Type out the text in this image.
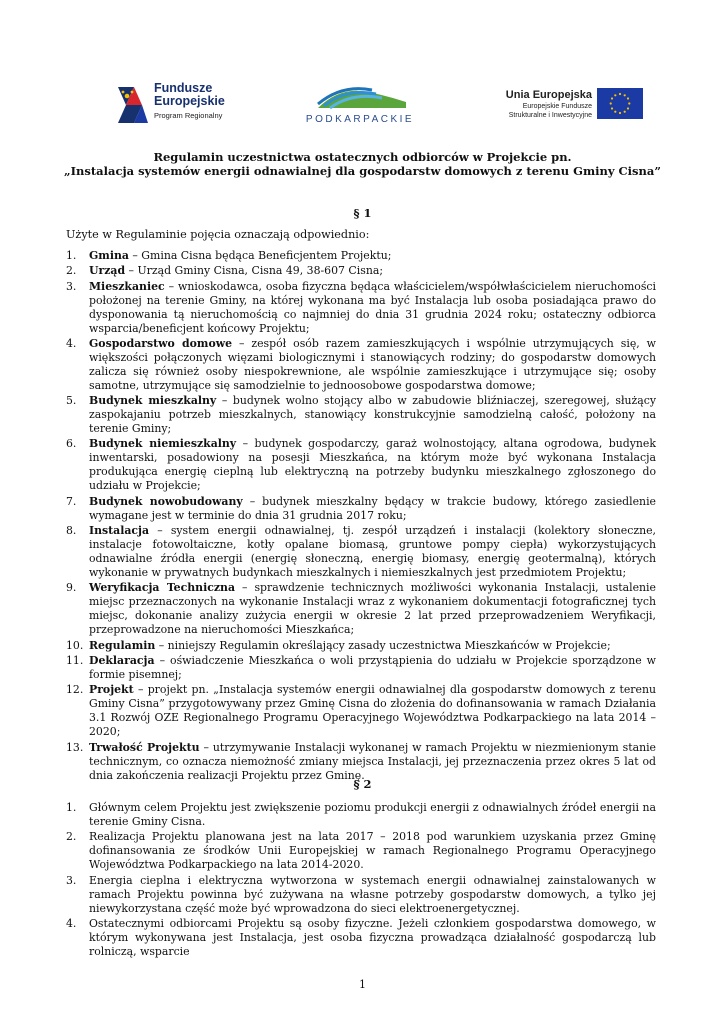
Fundusze
Europejskie
Program Regionalny	PODKARPACKIE
Unia Europejska
Europejskie Fundusze
Strukturalne i Inwestycyjne
Regulamin uczestnictwa ostatecznych odbiorców w Projekcie pn.
„Instalacja systemów energii odnawialnej dla gospodarstw domowych z terenu Gminy Cisna”
§ 1
Użyte w Regulaminie pojęcia oznaczają odpowiednio:
1. Gmina – Gmina Cisna będąca Beneficjentem Projektu;
2. Urząd – Urząd Gminy Cisna, Cisna 49, 38-607 Cisna;
3. Mieszkaniec – wnioskodawca, osoba fizyczna będąca właścicielem/współwłaścicielem nieruchomości położonej na terenie Gminy, na której wykonana ma być Instalacja lub osoba posiadająca prawo do dysponowania tą nieruchomością co najmniej do dnia 31 grudnia 2024 roku; ostateczny odbiorca wsparcia/beneficjent końcowy Projektu;
4. Gospodarstwo domowe – zespół osób razem zamieszkujących i wspólnie utrzymujących się, w większości połączonych więzami biologicznymi i stanowiących rodziny; do gospodarstw domowych zalicza się również osoby niespokrewnione, ale wspólnie zamieszkujące i utrzymujące się; osoby samotne, utrzymujące się samodzielnie to jednoosobowe gospodarstwa domowe;
5. Budynek mieszkalny – budynek wolno stojący albo w zabudowie bliźniaczej, szeregowej, służący zaspokajaniu potrzeb mieszkalnych, stanowiący konstrukcyjnie samodzielną całość, położony na terenie Gminy;
6. Budynek niemieszkalny – budynek gospodarczy, garaż wolnostojący, altana ogrodowa, budynek inwentarski, posadowiony na posesji Mieszkańca, na którym może być wykonana Instalacja produkująca energię cieplną lub elektryczną na potrzeby budynku mieszkalnego zgłoszonego do udziału w Projekcie;
7. Budynek nowobudowany – budynek mieszkalny będący w trakcie budowy, którego zasiedlenie wymagane jest w terminie do dnia 31 grudnia 2017 roku;
8. Instalacja – system energii odnawialnej, tj. zespół urządzeń i instalacji (kolektory słoneczne, instalacje fotowoltaiczne, kotły opalane biomasą, gruntowe pompy ciepła) wykorzystujących odnawialne źródła energii (energię słoneczną, energię biomasy, energię geotermalną), których wykonanie w prywatnych budynkach mieszkalnych i niemieszkalnych jest przedmiotem Projektu;
9. Weryfikacja Techniczna – sprawdzenie technicznych możliwości wykonania Instalacji, ustalenie miejsc przeznaczonych na wykonanie Instalacji wraz z wykonaniem dokumentacji fotograficznej tych miejsc, dokonanie analizy zużycia energii w okresie 2 lat przed przeprowadzeniem Weryfikacji, przeprowadzone na nieruchomości Mieszkańca;
10. Regulamin – niniejszy Regulamin określający zasady uczestnictwa Mieszkańców w Projekcie;
11. Deklaracja – oświadczenie Mieszkańca o woli przystąpienia do udziału w Projekcie sporządzone w formie pisemnej;
12. Projekt – projekt pn. „Instalacja systemów energii odnawialnej dla gospodarstw domowych z terenu Gminy Cisna” przygotowywany przez Gminę Cisna do złożenia do dofinansowania w ramach Działania 3.1 Rozwój OZE Regionalnego Programu Operacyjnego Województwa Podkarpackiego na lata 2014 – 2020;
13. Trwałość Projektu – utrzymywanie Instalacji wykonanej w ramach Projektu w niezmienionym stanie technicznym, co oznacza niemożność zmiany miejsca Instalacji, jej przeznaczenia przez okres 5 lat od dnia zakończenia realizacji Projektu przez Gminę.
§ 2
1. Głównym celem Projektu jest zwiększenie poziomu produkcji energii z odnawialnych źródeł energii na terenie Gminy Cisna.
2. Realizacja Projektu planowana jest na lata 2017 – 2018 pod warunkiem uzyskania przez Gminę dofinansowania ze środków Unii Europejskiej w ramach Regionalnego Programu Operacyjnego Województwa Podkarpackiego na lata 2014-2020.
3. Energia cieplna i elektryczna wytworzona w systemach energii odnawialnej zainstalowanych w ramach Projektu powinna być zużywana na własne potrzeby gospodarstw domowych, a tylko jej niewykorzystana część może być wprowadzona do sieci elektroenergetycznej.
4. Ostatecznymi odbiorcami Projektu są osoby fizyczne. Jeżeli członkiem gospodarstwa domowego, w którym wykonywana jest Instalacja, jest osoba fizyczna prowadząca działalność gospodarczą lub rolniczą, wsparcie
1
